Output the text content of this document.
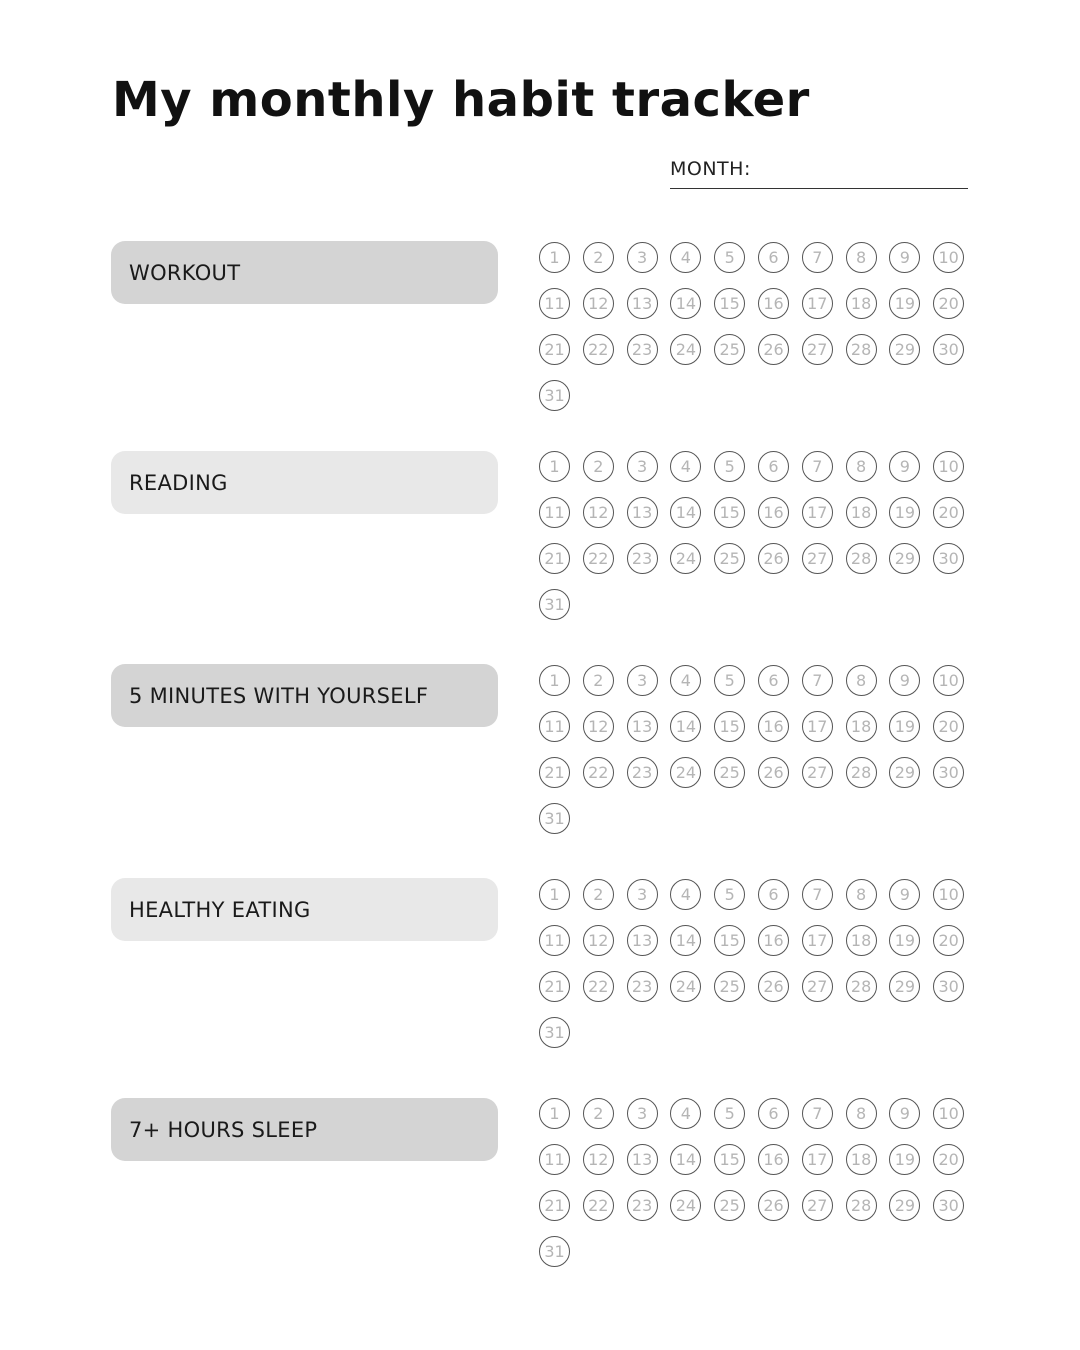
My monthly habit tracker
MONTH:
WORKOUT
1 2 3 4 5 6 7 8 9 10
11 12 13 14 15 16 17 18 19 20
21 22 23 24 25 26 27 28 29 30
31
READING
1 2 3 4 5 6 7 8 9 10
11 12 13 14 15 16 17 18 19 20
21 22 23 24 25 26 27 28 29 30
31
5 MINUTES WITH YOURSELF
1 2 3 4 5 6 7 8 9 10
11 12 13 14 15 16 17 18 19 20
21 22 23 24 25 26 27 28 29 30
31
HEALTHY EATING
1 2 3 4 5 6 7 8 9 10
11 12 13 14 15 16 17 18 19 20
21 22 23 24 25 26 27 28 29 30
31
7+ HOURS SLEEP
1 2 3 4 5 6 7 8 9 10
11 12 13 14 15 16 17 18 19 20
21 22 23 24 25 26 27 28 29 30
31
